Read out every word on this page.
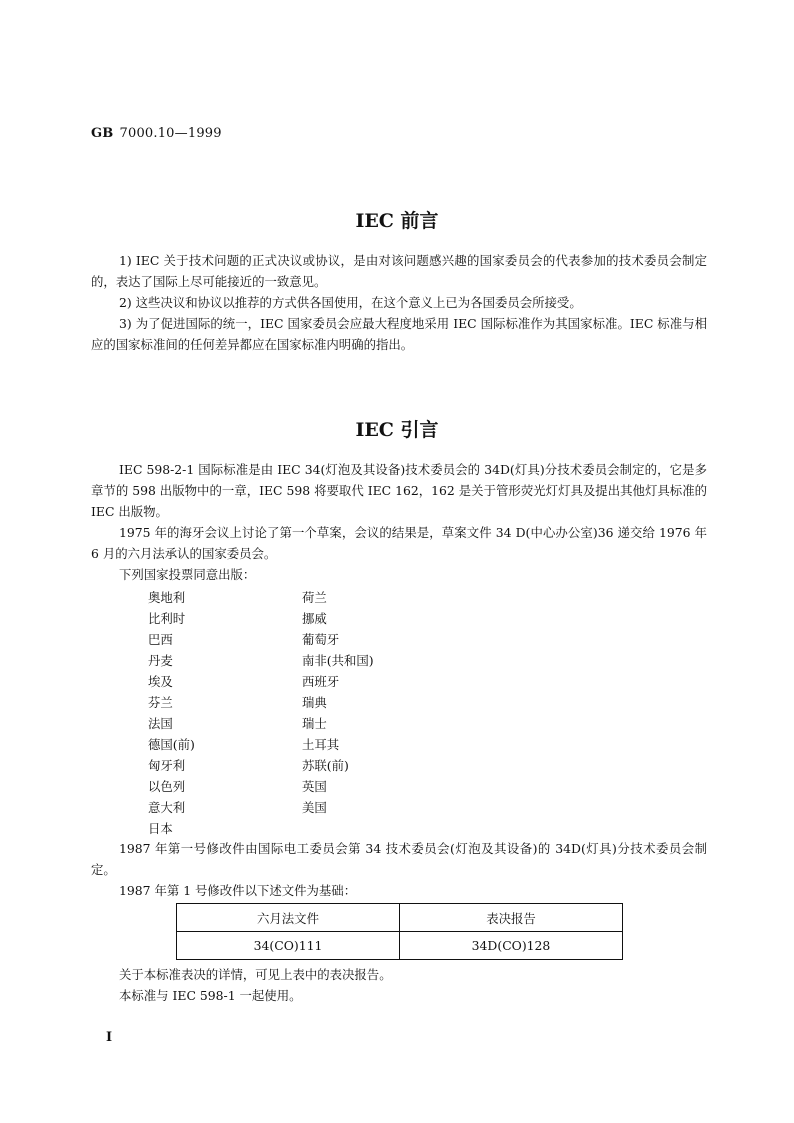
GB 7000.10—1999
IEC 前言

1) IEC 关于技术问题的正式决议或协议，是由对该问题感兴趣的国家委员会的代表参加的技术委员会制定的，表达了国际上尽可能接近的一致意见。

2) 这些决议和协议以推荐的方式供各国使用，在这个意义上已为各国委员会所接受。

3) 为了促进国际的统一，IEC 国家委员会应最大程度地采用 IEC 国际标准作为其国家标准。IEC 标准与相应的国家标准间的任何差异都应在国家标准内明确的指出。

IEC 引言

IEC 598-2-1 国际标准是由 IEC 34(灯泡及其设备)技术委员会的 34D(灯具)分技术委员会制定的，它是多章节的 598 出版物中的一章，IEC 598 将要取代 IEC 162，162 是关于管形荧光灯灯具及提出其他灯具标准的 IEC 出版物。

1975 年的海牙会议上讨论了第一个草案，会议的结果是，草案文件 34 D(中心办公室)36 递交给 1976 年 6 月的六月法承认的国家委员会。

下列国家投票同意出版：

奥地利	荷兰
比利时	挪威
巴西	葡萄牙
丹麦	南非(共和国)
埃及	西班牙
芬兰	瑞典
法国	瑞士
德国(前)	土耳其
匈牙利	苏联(前)
以色列	英国
意大利	美国
日本

1987 年第一号修改件由国际电工委员会第 34 技术委员会(灯泡及其设备)的 34D(灯具)分技术委员会制定。

1987 年第 1 号修改件以下述文件为基础：

六月法文件	表决报告
34(CO)111	34D(CO)128

关于本标准表决的详情，可见上表中的表决报告。

本标准与 IEC 598-1 一起使用。

I
